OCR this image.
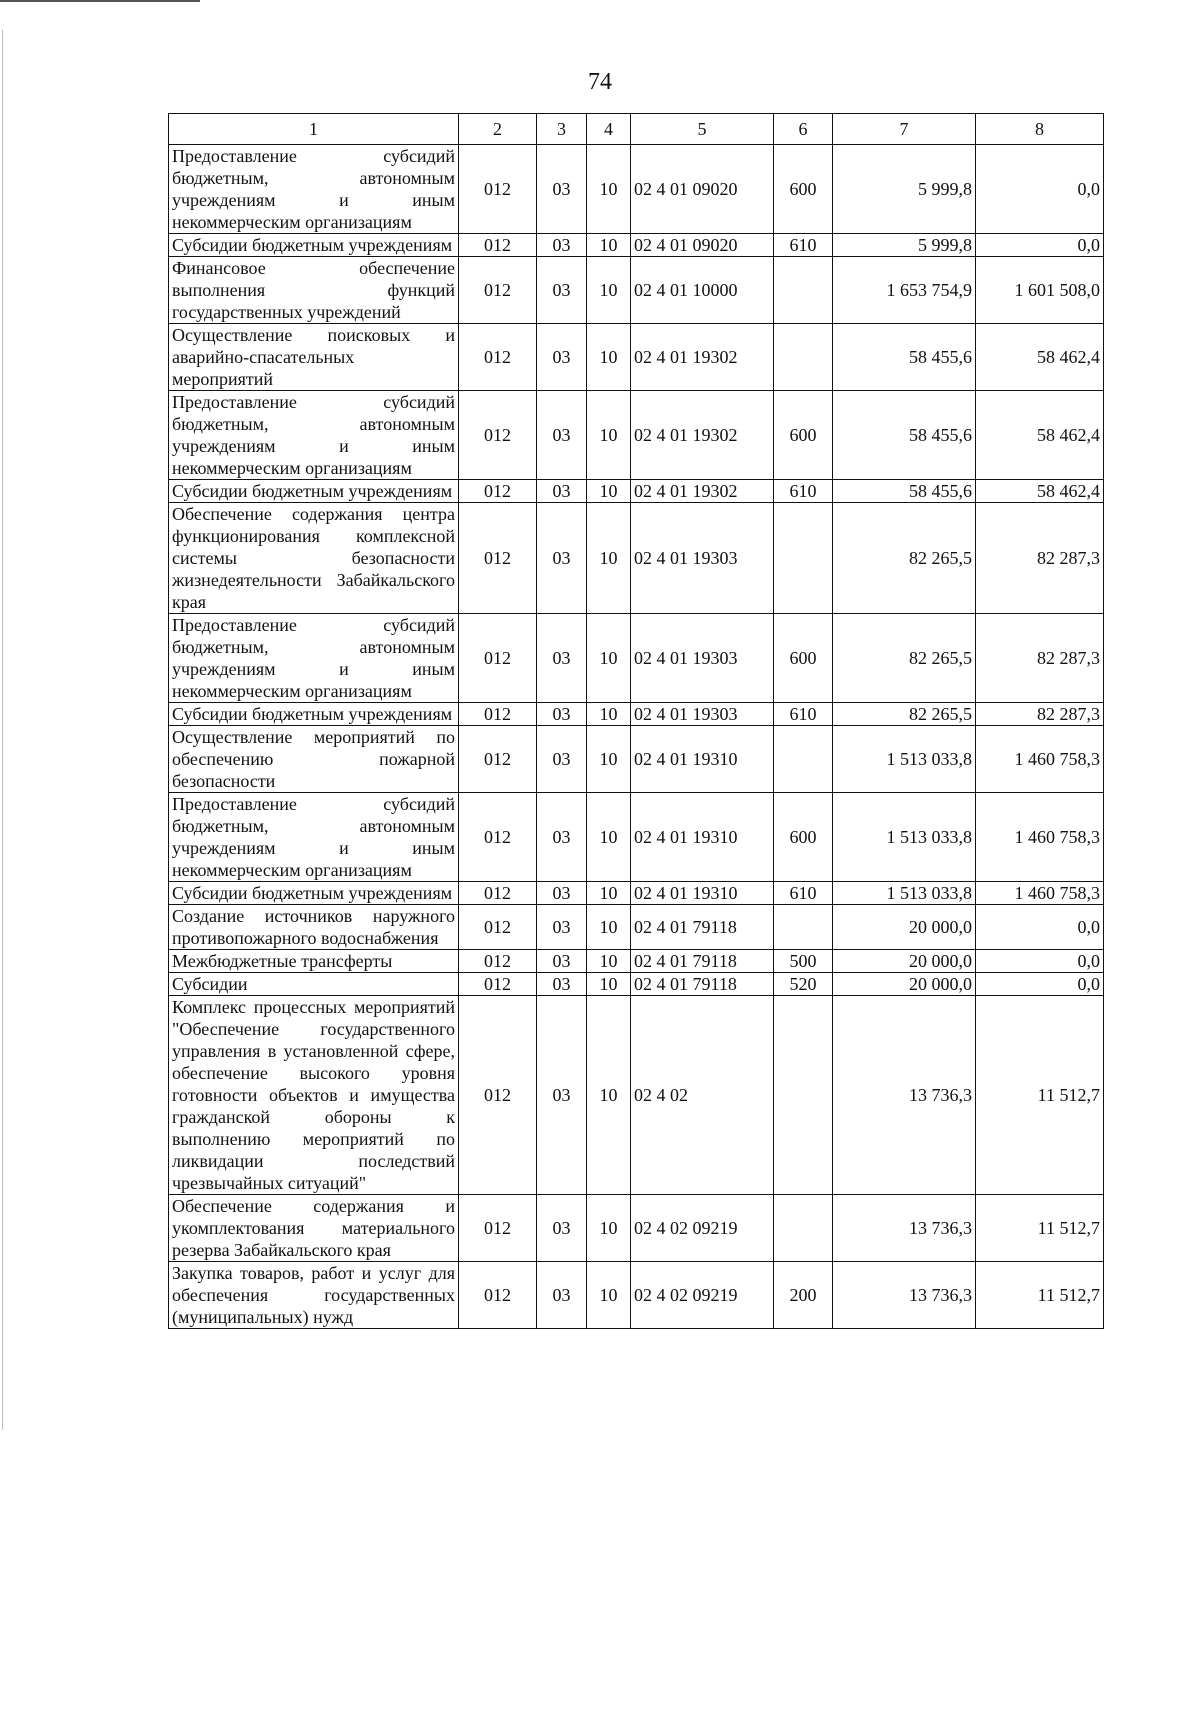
74
1	2	3	4	5	6	7	8
Предоставление субсидий бюджетным, автономным учреждениям и иным некоммерческим организациям	012	03	10	02 4 01 09020	600	5 999,8	0,0
Субсидии бюджетным учреждениям	012	03	10	02 4 01 09020	610	5 999,8	0,0
Финансовое обеспечение выполнения функций государственных учреждений	012	03	10	02 4 01 10000		1 653 754,9	1 601 508,0
Осуществление поисковых и аварийно-спасательных мероприятий	012	03	10	02 4 01 19302		58 455,6	58 462,4
Предоставление субсидий бюджетным, автономным учреждениям и иным некоммерческим организациям	012	03	10	02 4 01 19302	600	58 455,6	58 462,4
Субсидии бюджетным учреждениям	012	03	10	02 4 01 19302	610	58 455,6	58 462,4
Обеспечение содержания центра функционирования комплексной системы безопасности жизнедеятельности Забайкальского края	012	03	10	02 4 01 19303		82 265,5	82 287,3
Предоставление субсидий бюджетным, автономным учреждениям и иным некоммерческим организациям	012	03	10	02 4 01 19303	600	82 265,5	82 287,3
Субсидии бюджетным учреждениям	012	03	10	02 4 01 19303	610	82 265,5	82 287,3
Осуществление мероприятий по обеспечению пожарной безопасности	012	03	10	02 4 01 19310		1 513 033,8	1 460 758,3
Предоставление субсидий бюджетным, автономным учреждениям и иным некоммерческим организациям	012	03	10	02 4 01 19310	600	1 513 033,8	1 460 758,3
Субсидии бюджетным учреждениям	012	03	10	02 4 01 19310	610	1 513 033,8	1 460 758,3
Создание источников наружного противопожарного водоснабжения	012	03	10	02 4 01 79118		20 000,0	0,0
Межбюджетные трансферты	012	03	10	02 4 01 79118	500	20 000,0	0,0
Субсидии	012	03	10	02 4 01 79118	520	20 000,0	0,0
Комплекс процессных мероприятий "Обеспечение государственного управления в установленной сфере, обеспечение высокого уровня готовности объектов и имущества гражданской обороны к выполнению мероприятий по ликвидации последствий чрезвычайных ситуаций"	012	03	10	02 4 02		13 736,3	11 512,7
Обеспечение содержания и укомплектования материального резерва Забайкальского края	012	03	10	02 4 02 09219		13 736,3	11 512,7
Закупка товаров, работ и услуг для обеспечения государственных (муниципальных) нужд	012	03	10	02 4 02 09219	200	13 736,3	11 512,7
